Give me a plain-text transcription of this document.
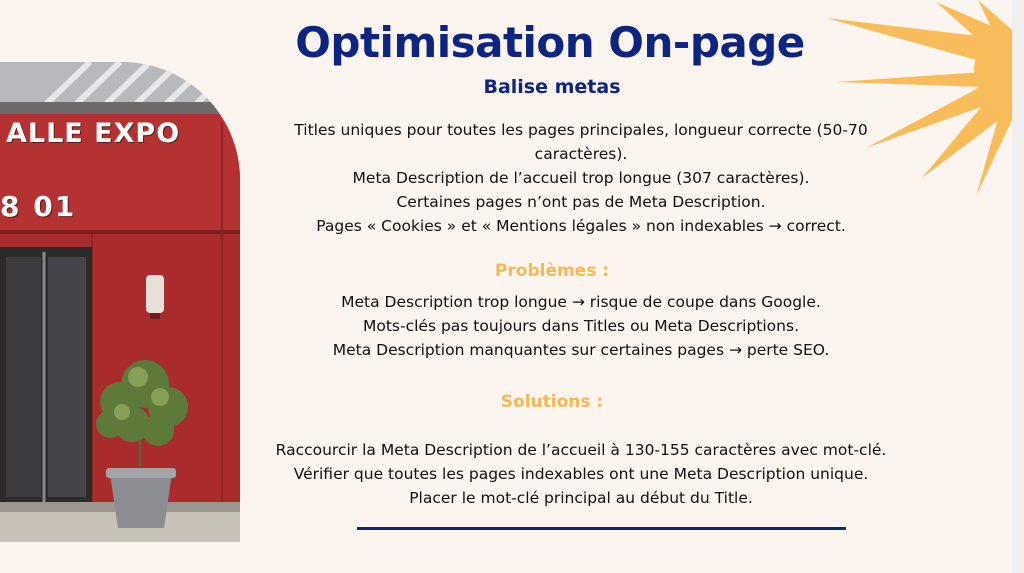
ALLE EXPO
8 01
Optimisation On-page
Balise metas

Titles uniques pour toutes les pages principales, longueur correcte (50-70

caractères).

Meta Description de l’accueil trop longue (307 caractères).

Certaines pages n’ont pas de Meta Description.

Pages « Cookies » et « Mentions légales » non indexables → correct.

Problèmes :

Meta Description trop longue → risque de coupe dans Google.

Mots-clés pas toujours dans Titles ou Meta Descriptions.

Meta Description manquantes sur certaines pages → perte SEO.

Solutions :

Raccourcir la Meta Description de l’accueil à 130-155 caractères avec mot-clé.

Vérifier que toutes les pages indexables ont une Meta Description unique.

Placer le mot-clé principal au début du Title.
